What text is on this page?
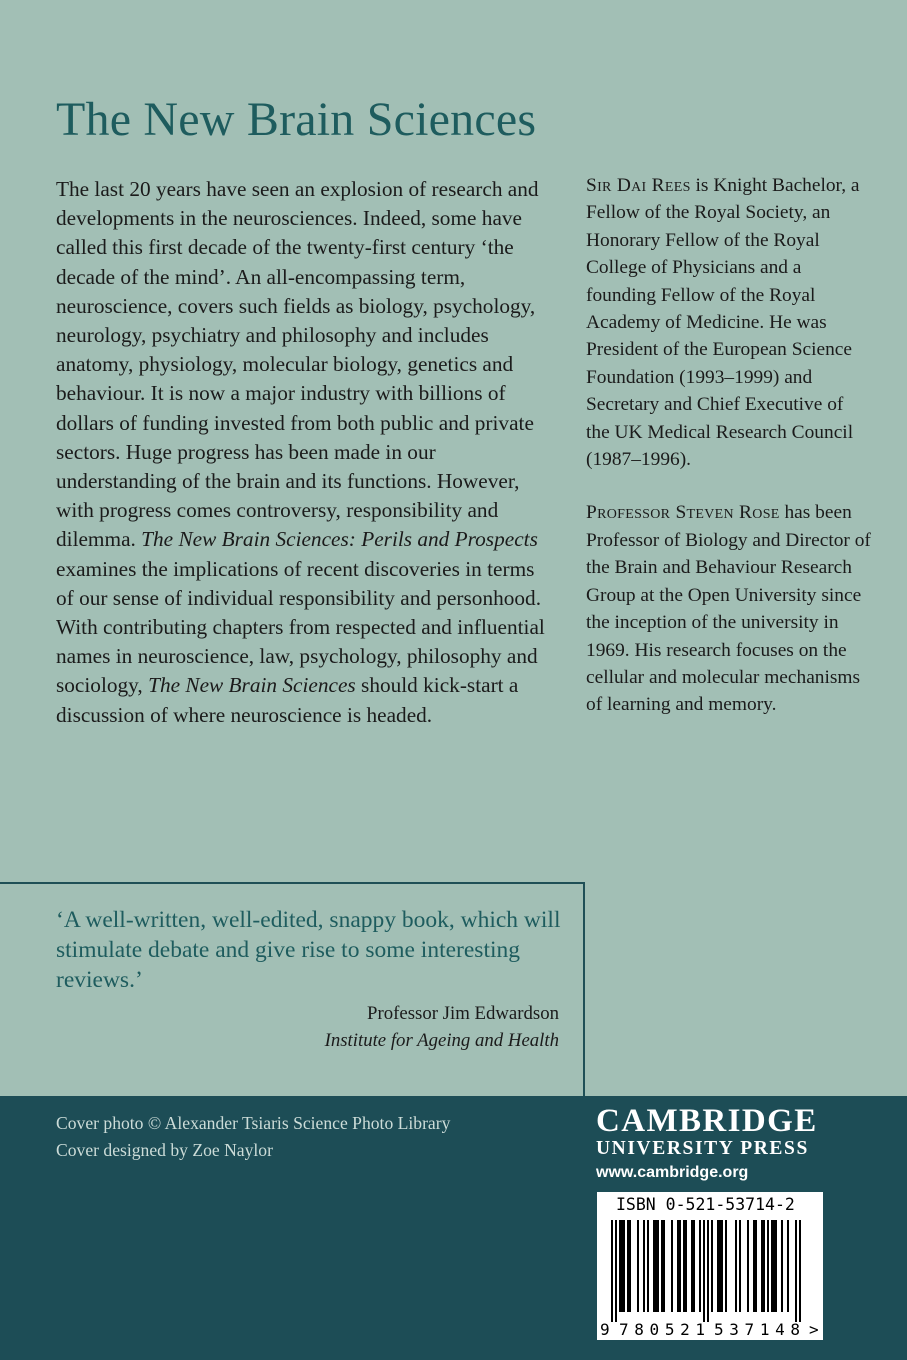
The New Brain Sciences

The last 20 years have seen an explosion of research and developments in the neurosciences. Indeed, some have called this first decade of the twenty-first century ‘the decade of the mind’. An all-encompassing term, neuroscience, covers such fields as biology, psychology, neurology, psychiatry and philosophy and includes anatomy, physiology, molecular biology, genetics and behaviour. It is now a major industry with billions of dollars of funding invested from both public and private sectors. Huge progress has been made in our understanding of the brain and its functions. However, with progress comes controversy, responsibility and dilemma. The New Brain Sciences: Perils and Prospects examines the implications of recent discoveries in terms of our sense of individual responsibility and personhood. With contributing chapters from respected and influential names in neuroscience, law, psychology, philosophy and sociology, The New Brain Sciences should kick-start a discussion of where neuroscience is headed.

Sir Dai Rees is Knight Bachelor, a Fellow of the Royal Society, an Honorary Fellow of the Royal College of Physicians and a founding Fellow of the Royal Academy of Medicine. He was President of the European Science Foundation (1993–1999) and Secretary and Chief Executive of the UK Medical Research Council (1987–1996).

Professor Steven Rose has been Professor of Biology and Director of the Brain and Behaviour Research Group at the Open University since the inception of the university in 1969. His research focuses on the cellular and molecular mechanisms of learning and memory.

‘A well-written, well-edited, snappy book, which will stimulate debate and give rise to some interesting reviews.’

Professor Jim Edwardson
Institute for Ageing and Health
Cover photo © Alexander Tsiaris Science Photo Library
Cover designed by Zoe Naylor
CAMBRIDGE
UNIVERSITY PRESS
www.cambridge.org
ISBN 0-521-53714-2
9 780521 537148 >
